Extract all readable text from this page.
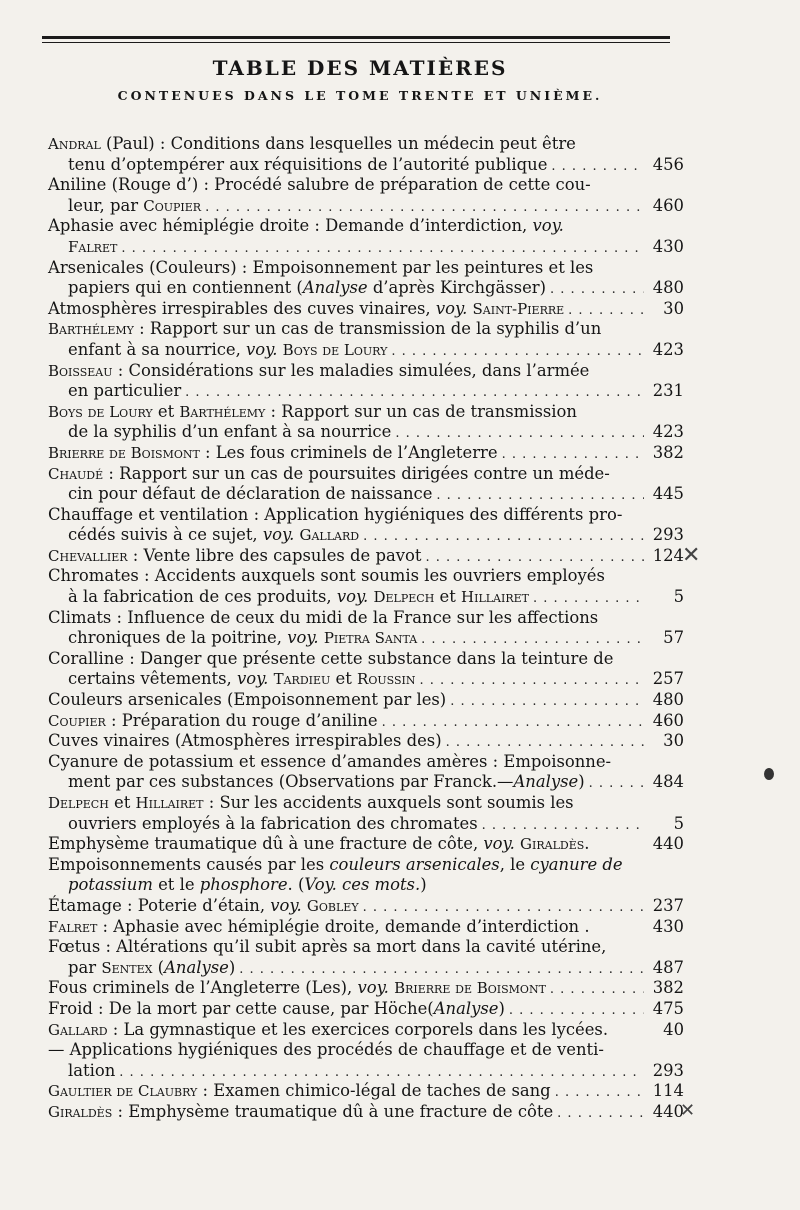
TABLE DES MATIÈRES
CONTENUES DANS LE TOME TRENTE ET UNIÈME.
Andral (Paul) : Conditions dans lesquelles un médecin peut être
tenu d’optempérer aux réquisitions de l’autorité publique . . .	456
Aniline (Rouge d’) : Procédé salubre de préparation de cette cou-
leur, par Coupier . . .	460
Aphasie avec hémiplégie droite : Demande d’interdiction, voy.
Falret . . .	430
Arsenicales (Couleurs) : Empoisonnement par les peintures et les
papiers qui en contiennent (Analyse d’après Kirchgässer) . . .	480
Atmosphères irrespirables des cuves vinaires, voy. Saint-Pierre . . .	30
Barthélemy : Rapport sur un cas de transmission de la syphilis d’un
enfant à sa nourrice, voy. Boys de Loury . . .	423
Boisseau : Considérations sur les maladies simulées, dans l’armée
en particulier . . .	231
Boys de Loury et Barthélemy : Rapport sur un cas de transmission
de la syphilis d’un enfant à sa nourrice . . .	423
Brierre de Boismont : Les fous criminels de l’Angleterre . . .	382
Chaudé : Rapport sur un cas de poursuites dirigées contre un méde-
cin pour défaut de déclaration de naissance . . .	445
Chauffage et ventilation : Application hygiéniques des différents pro-
cédés suivis à ce sujet, voy. Gallard . . .	293
Chevallier : Vente libre des capsules de pavot . . .	124
Chromates : Accidents auxquels sont soumis les ouvriers employés
à la fabrication de ces produits, voy. Delpech et Hillairet . . .	5
Climats : Influence de ceux du midi de la France sur les affections
chroniques de la poitrine, voy. Pietra Santa . . .	57
Coralline : Danger que présente cette substance dans la teinture de
certains vêtements, voy. Tardieu et Roussin . . .	257
Couleurs arsenicales (Empoisonnement par les) . . .	480
Coupier : Préparation du rouge d’aniline . . .	460
Cuves vinaires (Atmosphères irrespirables des) . . .	30
Cyanure de potassium et essence d’amandes amères : Empoisonne-
ment par ces substances (Observations par Franck.—Analyse) . . .	484
Delpech et Hillairet : Sur les accidents auxquels sont soumis les
ouvriers employés à la fabrication des chromates . . .	5
Emphysème traumatique dû à une fracture de côte, voy. Giraldès.	440
Empoisonnements causés par les couleurs arsenicales, le cyanure de
potassium et le phosphore. (Voy. ces mots.)
Étamage : Poterie d’étain, voy. Gobley . . .	237
Falret : Aphasie avec hémiplégie droite, demande d’interdiction .	430
Fœtus : Altérations qu’il subit après sa mort dans la cavité utérine,
par Sentex (Analyse) . . .	487
Fous criminels de l’Angleterre (Les), voy. Brierre de Boismont . . .	382
Froid : De la mort par cette cause, par Höche(Analyse) . . .	475
Gallard : La gymnastique et les exercices corporels dans les lycées.	40
— Applications hygiéniques des procédés de chauffage et de venti-
lation . . .	293
Gaultier de Claubry : Examen chimico-légal de taches de sang . . .	114
Giraldès : Emphysème traumatique dû à une fracture de côte . . .	440
✕
✕
